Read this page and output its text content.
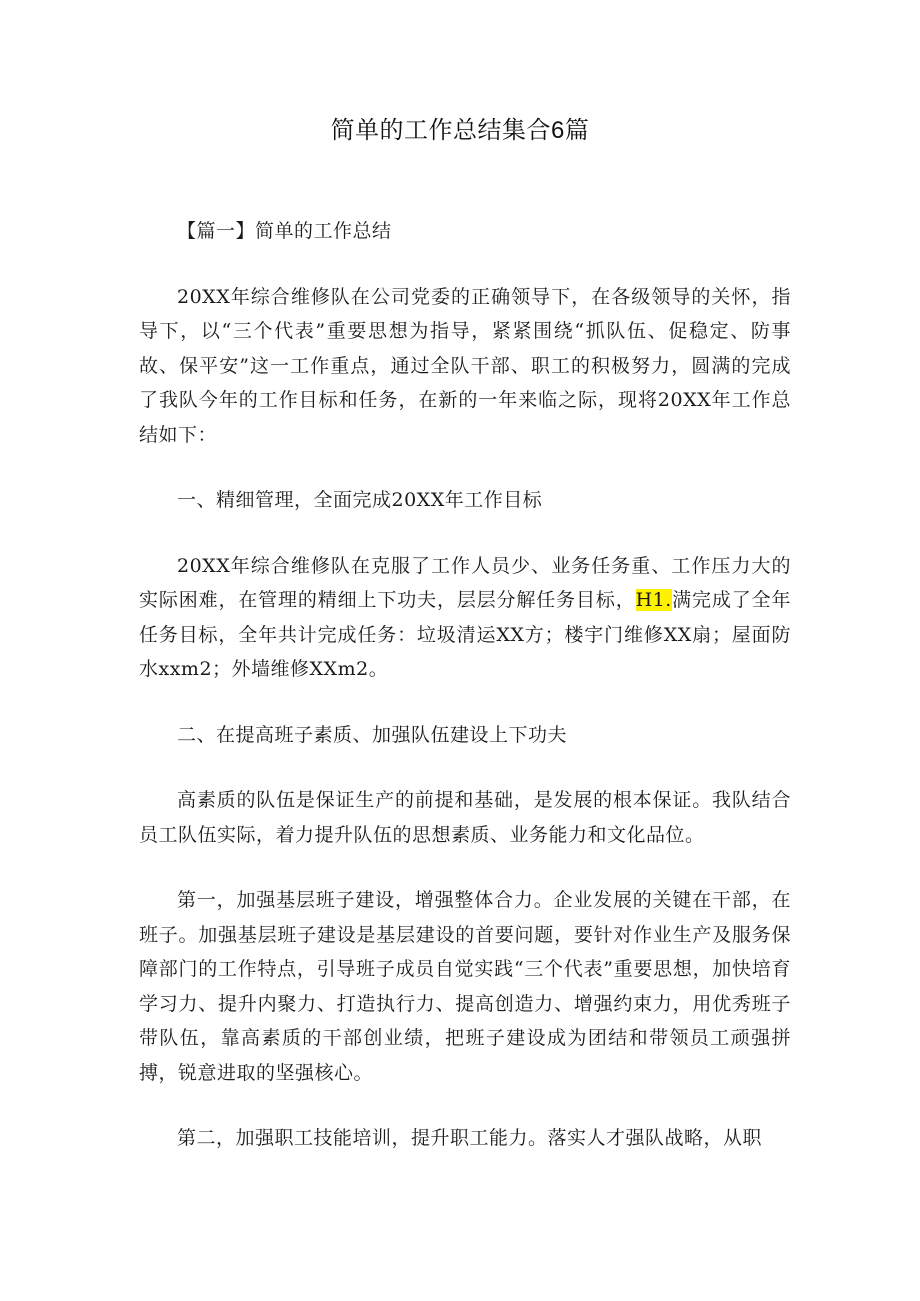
简单的工作总结集合6篇

【篇一】简单的工作总结

20XX年综合维修队在公司党委的正确领导下，在各级领导的关怀，指导下，以“三个代表”重要思想为指导，紧紧围绕“抓队伍、促稳定、防事故、保平安”这一工作重点，通过全队干部、职工的积极努力，圆满的完成了我队今年的工作目标和任务，在新的一年来临之际，现将20XX年工作总结如下：

一、精细管理，全面完成20XX年工作目标

20XX年综合维修队在克服了工作人员少、业务任务重、工作压力大的实际困难，在管理的精细上下功夫，层层分解任务目标，H1.满完成了全年任务目标，全年共计完成任务：垃圾清运XX方；楼宇门维修XX扇；屋面防水xxm2；外墙维修XXm2。

二、在提高班子素质、加强队伍建设上下功夫

高素质的队伍是保证生产的前提和基础，是发展的根本保证。我队结合员工队伍实际，着力提升队伍的思想素质、业务能力和文化品位。

第一，加强基层班子建设，增强整体合力。企业发展的关键在干部，在班子。加强基层班子建设是基层建设的首要问题，要针对作业生产及服务保障部门的工作特点，引导班子成员自觉实践“三个代表”重要思想，加快培育学习力、提升内聚力、打造执行力、提高创造力、增强约束力，用优秀班子带队伍，靠高素质的干部创业绩，把班子建设成为团结和带领员工顽强拼搏，锐意进取的坚强核心。

第二，加强职工技能培训，提升职工能力。落实人才强队战略，从职
